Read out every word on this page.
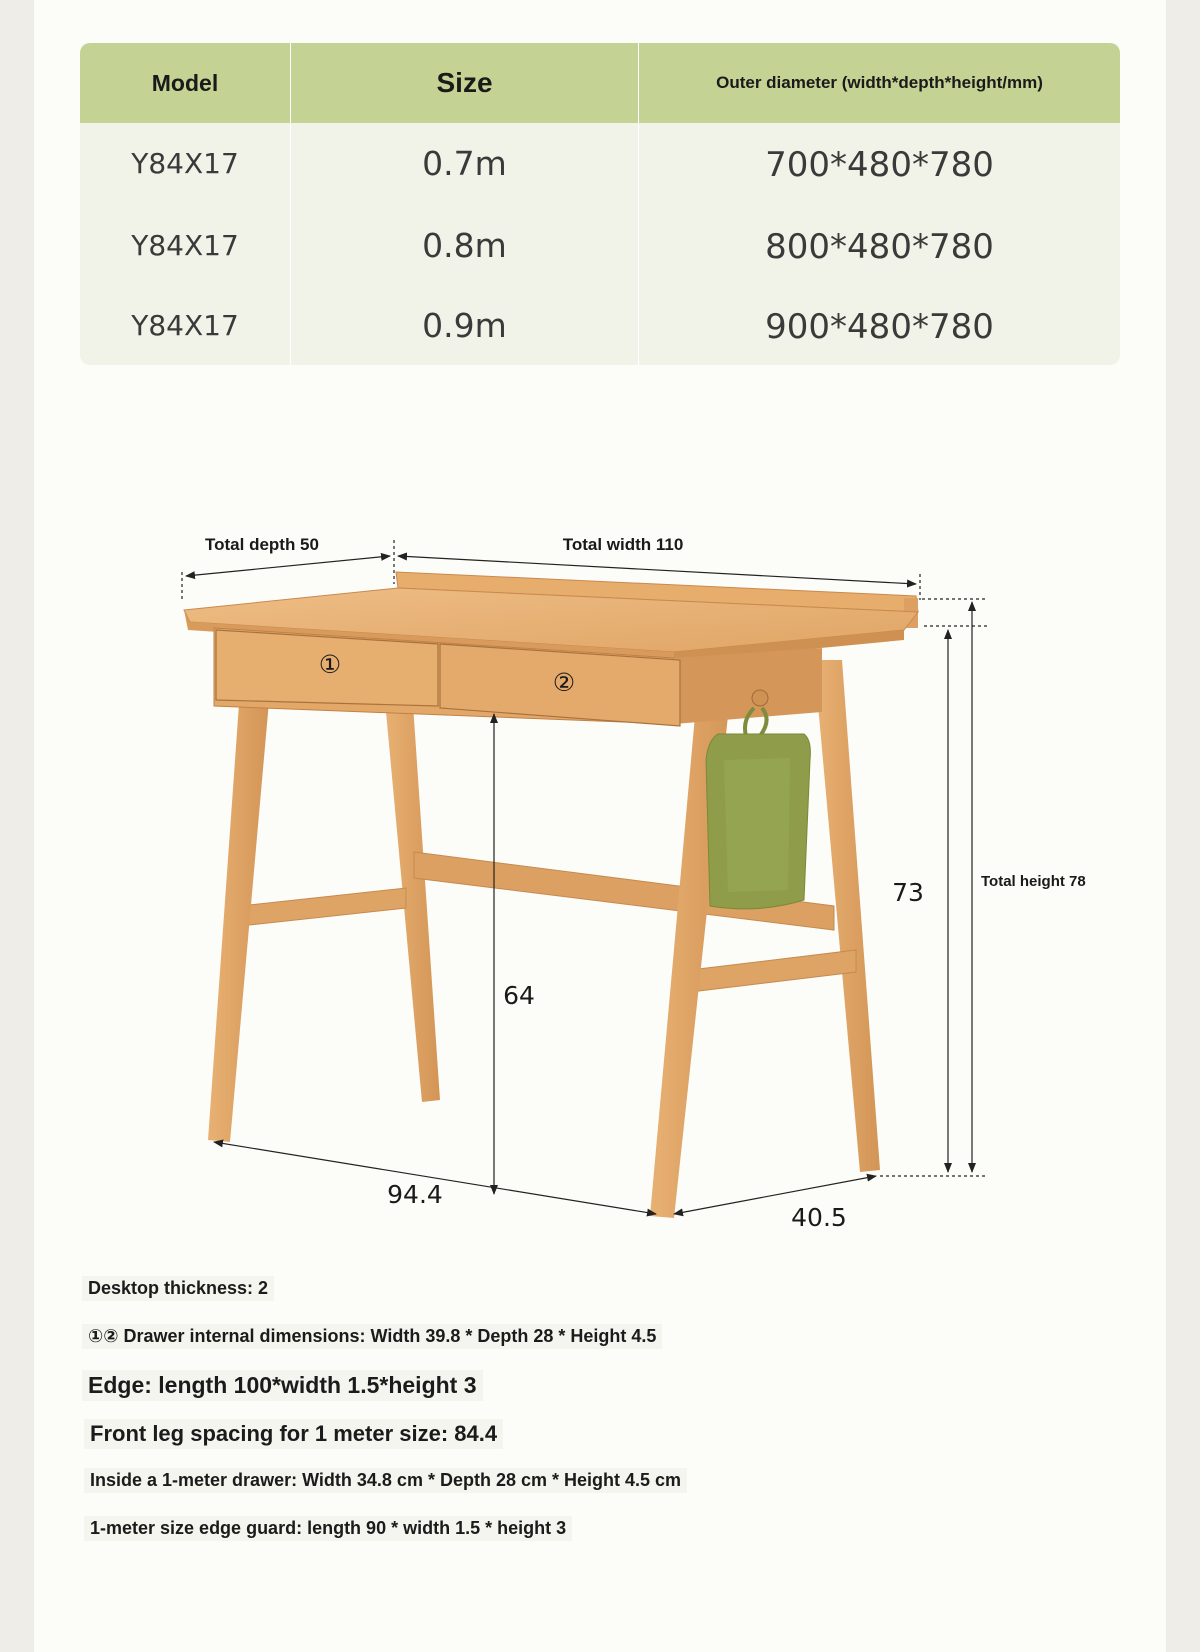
Model	Size	Outer diameter (width*depth*height/mm)
Y84X17	0.7m	700*480*780
Y84X17	0.8m	800*480*780
Y84X17	0.9m	900*480*780
①
②
Total depth 50	Total width 110
Total height 78
73
64
94.4
40.5
Desktop thickness: 2
①② Drawer internal dimensions: Width 39.8 * Depth 28 * Height 4.5
Edge: length 100*width 1.5*height 3
Front leg spacing for 1 meter size: 84.4
Inside a 1-meter drawer: Width 34.8 cm * Depth 28 cm * Height 4.5 cm
1-meter size edge guard: length 90 * width 1.5 * height 3
